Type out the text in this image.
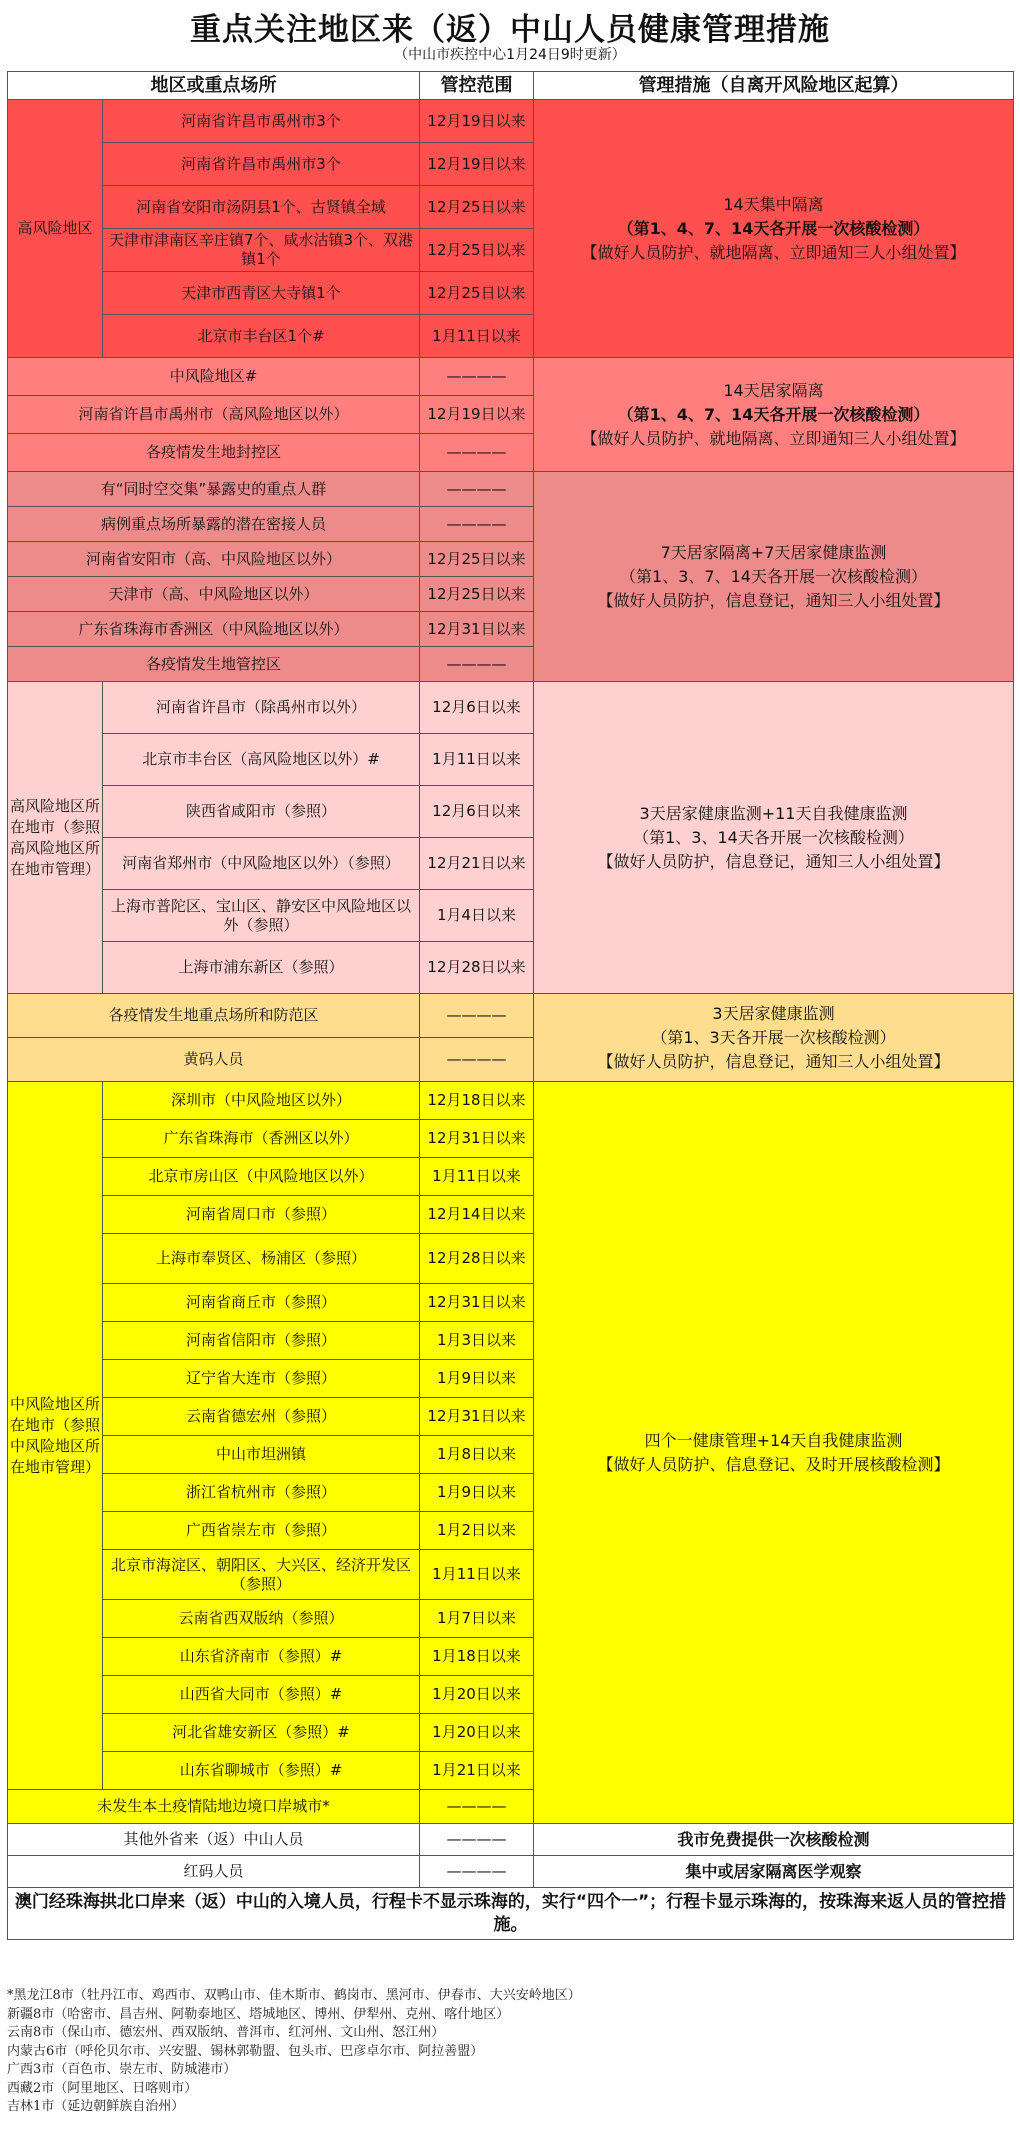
重点关注地区来（返）中山人员健康管理措施
（中山市疾控中心1月24日9时更新）
地区或重点场所		管控范围	管理措施（自离开风险地区起算）
高风险地区	河南省许昌市禹州市3个	12月19日以来	14天集中隔离
（第1、4、7、14天各开展一次核酸检测）
【做好人员防护、就地隔离、立即通知三人小组处置】

	河南省许昌市禹州市3个	12月19日以来	
	河南省安阳市汤阴县1个、古贤镇全域	12月25日以来	
	天津市津南区辛庄镇7个、咸水沽镇3个、双港镇1个	12月25日以来	
	天津市西青区大寺镇1个	12月25日以来	
	北京市丰台区1个#	1月11日以来	
中风险地区#		————	14天居家隔离
（第1、4、7、14天各开展一次核酸检测）
【做好人员防护、就地隔离、立即通知三人小组处置】

河南省许昌市禹州市（高风险地区以外）		12月19日以来	
各疫情发生地封控区		————	
有“同时空交集”暴露史的重点人群		————	7天居家隔离+7天居家健康监测
（第1、3、7、14天各开展一次核酸检测）
【做好人员防护，信息登记，通知三人小组处置】

病例重点场所暴露的潜在密接人员		————	
河南省安阳市（高、中风险地区以外）		12月25日以来	
天津市（高、中风险地区以外）		12月25日以来	
广东省珠海市香洲区（中风险地区以外）		12月31日以来	
各疫情发生地管控区		————	
高风险地区所在地市（参照高风险地区所在地市管理）	河南省许昌市（除禹州市以外）	12月6日以来	3天居家健康监测+11天自我健康监测
（第1、3、14天各开展一次核酸检测）
【做好人员防护，信息登记，通知三人小组处置】

	北京市丰台区（高风险地区以外）#	1月11日以来	
	陕西省咸阳市（参照）	12月6日以来	
	河南省郑州市（中风险地区以外）（参照）	12月21日以来	
	上海市普陀区、宝山区、静安区中风险地区以外（参照）	1月4日以来	
	上海市浦东新区（参照）	12月28日以来	
各疫情发生地重点场所和防范区		————	3天居家健康监测
（第1、3天各开展一次核酸检测）
【做好人员防护，信息登记，通知三人小组处置】

黄码人员		————	
中风险地区所在地市（参照中风险地区所在地市管理）	深圳市（中风险地区以外）	12月18日以来	四个一健康管理+14天自我健康监测
【做好人员防护、信息登记、及时开展核酸检测】

	广东省珠海市（香洲区以外）	12月31日以来	
	北京市房山区（中风险地区以外）	1月11日以来	
	河南省周口市（参照）	12月14日以来	
	上海市奉贤区、杨浦区（参照）	12月28日以来	
	河南省商丘市（参照）	12月31日以来	
	河南省信阳市（参照）	1月3日以来	
	辽宁省大连市（参照）	1月9日以来	
	云南省德宏州（参照）	12月31日以来	
	中山市坦洲镇	1月8日以来	
	浙江省杭州市（参照）	1月9日以来	
	广西省崇左市（参照）	1月2日以来	
	北京市海淀区、朝阳区、大兴区、经济开发区（参照）	1月11日以来	
	云南省西双版纳（参照）	1月7日以来	
	山东省济南市（参照）#	1月18日以来	
	山西省大同市（参照）#	1月20日以来	
	河北省雄安新区（参照）#	1月20日以来	
	山东省聊城市（参照）#	1月21日以来	
未发生本土疫情陆地边境口岸城市*		————	
其他外省来（返）中山人员		————	我市免费提供一次核酸检测
红码人员		————	集中或居家隔离医学观察
澳门经珠海拱北口岸来（返）中山的入境人员，行程卡不显示珠海的，实行“四个一”；行程卡显示珠海的，按珠海来返人员的管控措施。			
*黑龙江8市（牡丹江市、鸡西市、双鸭山市、佳木斯市、鹤岗市、黑河市、伊春市、大兴安岭地区）
新疆8市（哈密市、昌吉州、阿勒泰地区、塔城地区、博州、伊犁州、克州、喀什地区）
云南8市（保山市、德宏州、西双版纳、普洱市、红河州、文山州、怒江州）
内蒙古6市（呼伦贝尔市、兴安盟、锡林郭勒盟、包头市、巴彦卓尔市、阿拉善盟）
广西3市（百色市、崇左市、防城港市）
西藏2市（阿里地区、日喀则市）
吉林1市（延边朝鲜族自治州）
